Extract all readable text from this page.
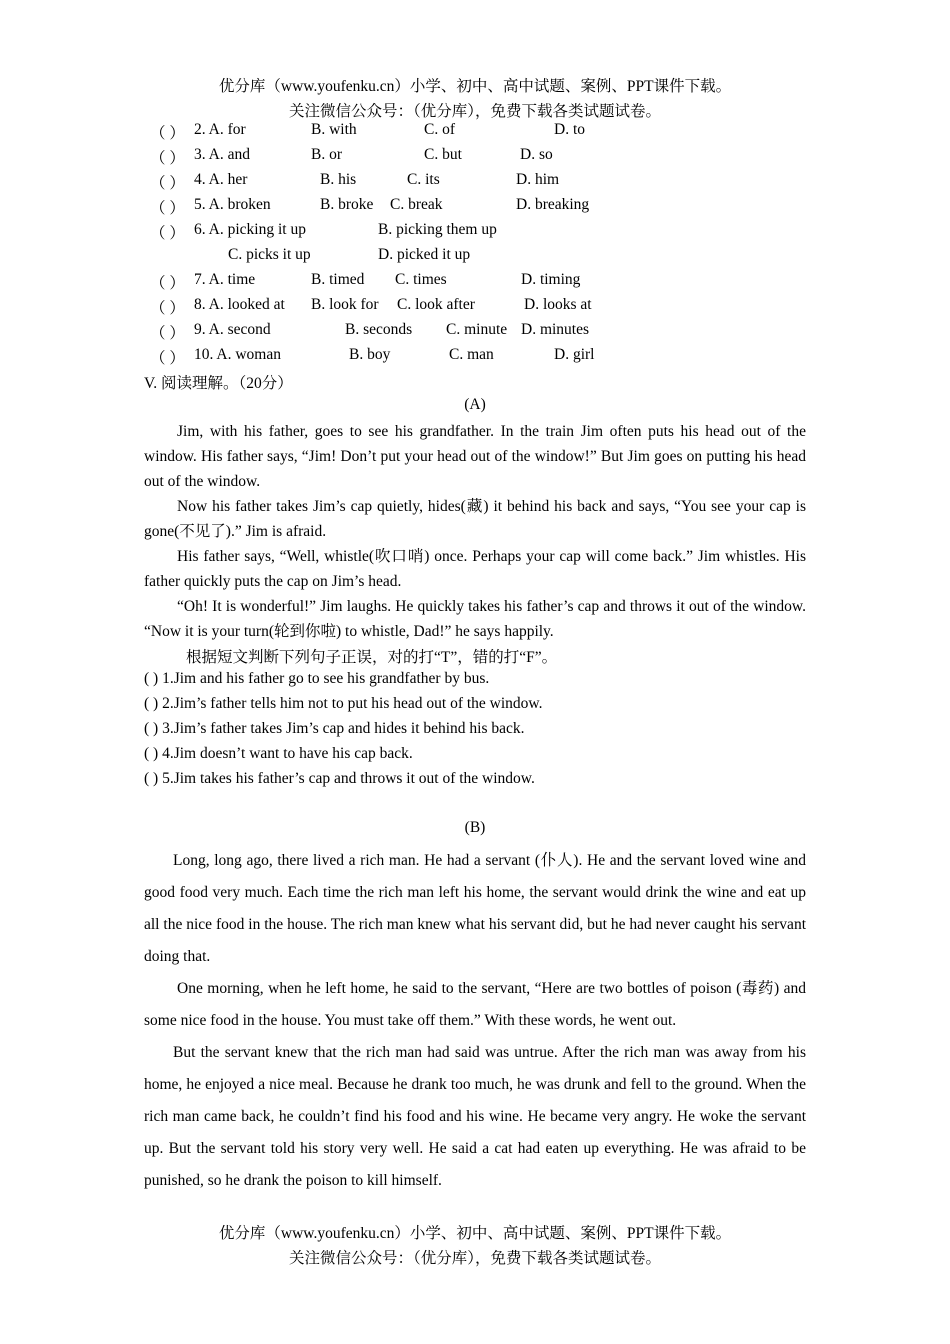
优分库（www.youfenku.cn）小学、初中、高中试题、案例、PPT课件下载。
关注微信公众号：（优分库），免费下载各类试题试卷。
（ ） 2. A. for	B. with	C. of	D. to
（ ） 3. A. and	B. or	C. but	D. so
（ ） 4. A. her	B. his	C. its	D. him
（ ） 5. A. broken	B. broke C. break	D. breaking
（ ） 6. A. picking it up	B. picking them up
C. picks it up	D. picked it up
（ ） 7. A. time	B. timed C. times	D. timing
（ ） 8. A. looked at B. look for C. look after	D. looks at
（ ） 9. A. second	B. seconds C. minute D. minutes
（ ） 10. A. woman	B. boy	C. man	D. girl
V. 阅读理解。（20分）
(A)

Jim, with his father, goes to see his grandfather. In the train Jim often puts his head out of the window. His father says, “Jim! Don’t put your head out of the window!” But Jim goes on putting his head out of the window.

Now his father takes Jim’s cap quietly, hides(藏) it behind his back and says, “You see your cap is gone(不见了).” Jim is afraid.

His father says, “Well, whistle(吹口哨) once. Perhaps your cap will come back.” Jim whistles. His father quickly puts the cap on Jim’s head.

“Oh! It is wonderful!” Jim laughs. He quickly takes his father’s cap and throws it out of the window. “Now it is your turn(轮到你啦) to whistle, Dad!” he says happily.

根据短文判断下列句子正误，对的打“T”，错的打“F”。
( ) 1.Jim and his father go to see his grandfather by bus.
( ) 2.Jim’s father tells him not to put his head out of the window.
( ) 3.Jim’s father takes Jim’s cap and hides it behind his back.
( ) 4.Jim doesn’t want to have his cap back.
( ) 5.Jim takes his father’s cap and throws it out of the window.
(B)

Long, long ago, there lived a rich man. He had a servant (仆人). He and the servant loved wine and good food very much. Each time the rich man left his home, the servant would drink the wine and eat up all the nice food in the house. The rich man knew what his servant did, but he had never caught his servant doing that.

One morning, when he left home, he said to the servant, “Here are two bottles of poison (毒药) and some nice food in the house. You must take off them.” With these words, he went out.

But the servant knew that the rich man had said was untrue. After the rich man was away from his home, he enjoyed a nice meal. Because he drank too much, he was drunk and fell to the ground. When the rich man came back, he couldn’t find his food and his wine. He became very angry. He woke the servant up. But the servant told his story very well. He said a cat had eaten up everything. He was afraid to be punished, so he drank the poison to kill himself.

优分库（www.youfenku.cn）小学、初中、高中试题、案例、PPT课件下载。
关注微信公众号：（优分库），免费下载各类试题试卷。
